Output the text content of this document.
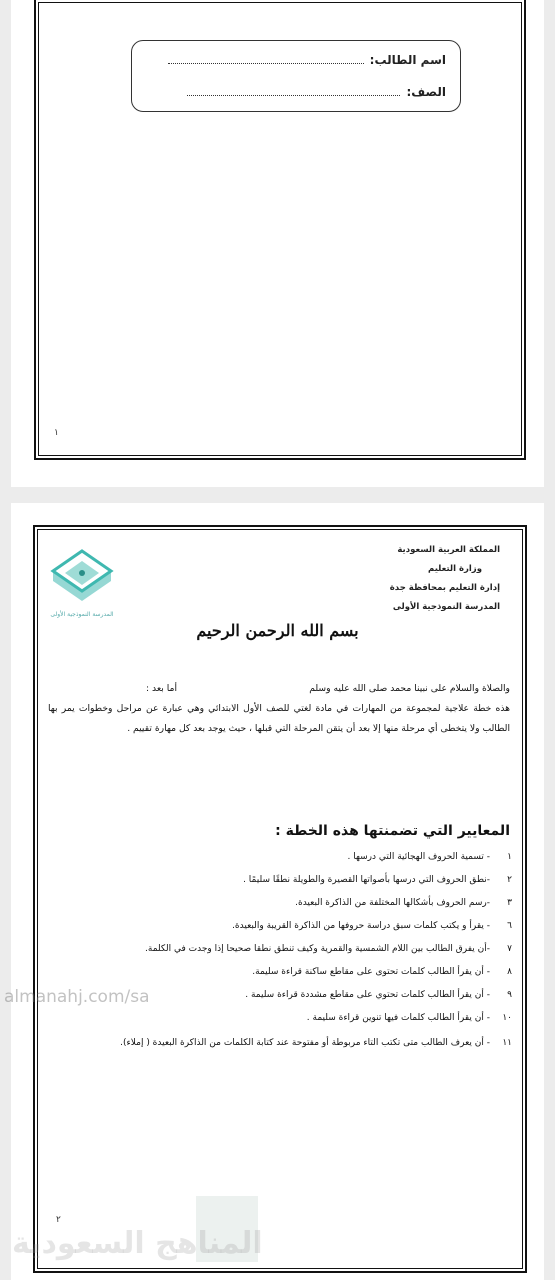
اسم الطالب:
الصف:
١
المملكة العربية السعودية
وزارة التعليم
إدارة التعليم بمحافظة جدة
المدرسة النموذجية الأولى
المدرسة النموذجية الأولى
بسم الله الرحمن الرحيم
والصلاة والسلام على نبينا محمد صلى الله عليه وسلم
أما بعد :
هذه خطة علاجية لمجموعة من المهارات في مادة لغتي للصف الأول الابتدائي وهي عبارة عن مراحل وخطوات يمر بها الطالب ولا يتخطى أي مرحلة منها إلا بعد أن يتقن المرحلة التي قبلها ، حيث يوجد بعد كل مهارة تقييم .
المعايير التي تضمنتها هذه الخطة :
١- تسمية الحروف الهجائية التي درسها .
٢-نطق الحروف التي درسها بأصواتها القصيرة والطويلة نطقًا سليمًا .
٣-رسم الحروف بأشكالها المختلفة من الذاكرة البعيدة.
٦- يقرأ و يكتب كلمات سبق دراسة حروفها من الذاكرة القريبة والبعيدة.
٧-أن يفرق الطالب بين اللام الشمسية والقمرية وكيف تنطق نطقا صحيحا إذا وجدت في الكلمة.
٨- أن يقرأ الطالب كلمات تحتوى على مقاطع ساكنة قراءة سليمة.
٩- أن يقرأ الطالب كلمات تحتوي على مقاطع مشددة قراءة سليمة .
١٠- أن يقرأ الطالب كلمات فيها تنوين قراءة سليمة .
١١- أن يعرف الطالب متى تكتب التاء مربوطة أو مفتوحة عند كتابة الكلمات من الذاكرة البعيدة ( إملاء).
٢
almanahj.com/sa
المناهج السعودية
